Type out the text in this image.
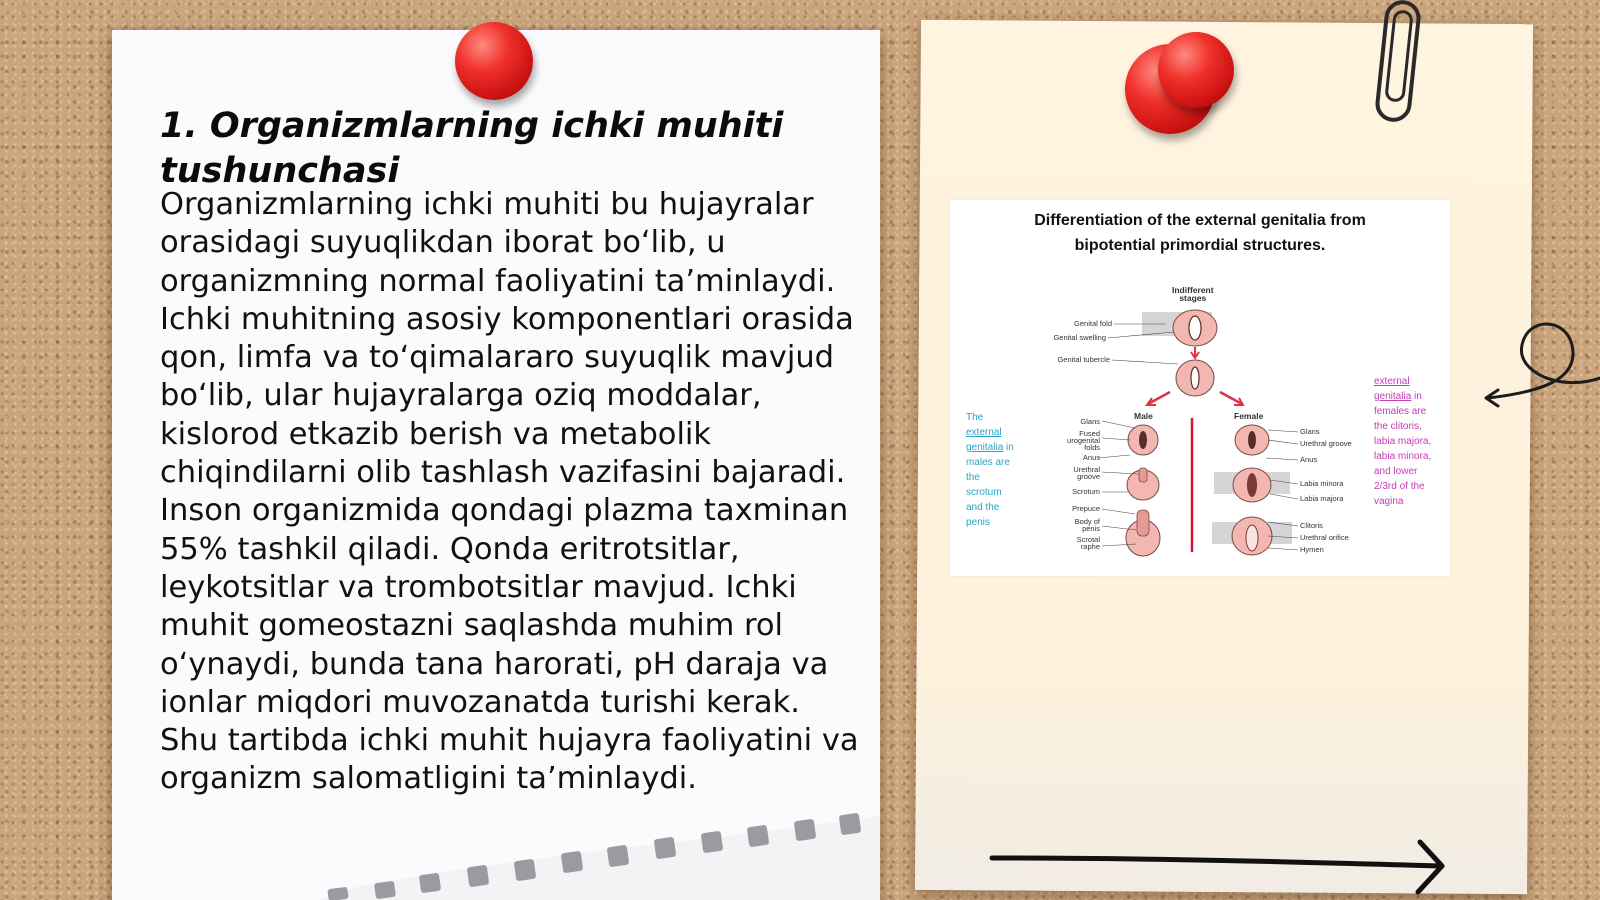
1. Organizmlarning ichki muhiti tushunchasi

Organizmlarning ichki muhiti bu hujayralar orasidagi suyuqlikdan iborat bo‘lib, u organizmning normal faoliyatini ta’minlaydi. Ichki muhitning asosiy komponentlari orasida qon, limfa va to‘qimalararo suyuqlik mavjud bo‘lib, ular hujayralarga oziq moddalar, kislorod etkazib berish va metabolik chiqindilarni olib tashlash vazifasini bajaradi. Inson organizmida qondagi plazma taxminan 55% tashkil qiladi. Qonda eritrotsitlar, leykotsitlar va trombotsitlar mavjud. Ichki muhit gomeostazni saqlashda muhim rol o‘ynaydi, bunda tana harorati, pH daraja va ionlar miqdori muvozanatda turishi kerak. Shu tartibda ichki muhit hujayra faoliyatini va organizm salomatligini ta’minlaydi.

Differentiation of the external genitalia from
bipotential primordial structures.
Indifferent
stages
Genital fold
Genital swelling
Genital tubercle
Male	Female
Glans
Fused
urogenital
folds
Anus
Urethral
groove
Scrotum
Prepuce
Body of
penis
Scrotal
raphe
Glans
Urethral groove
Anus
Labia minora
Labia majora
Clitoris
Urethral orifice
Hymen
The external genitalia in males are the scrotum and the penis
external genitalia in females are the clitoris, labia majora, labia minora, and lower 2/3rd of the vagina
